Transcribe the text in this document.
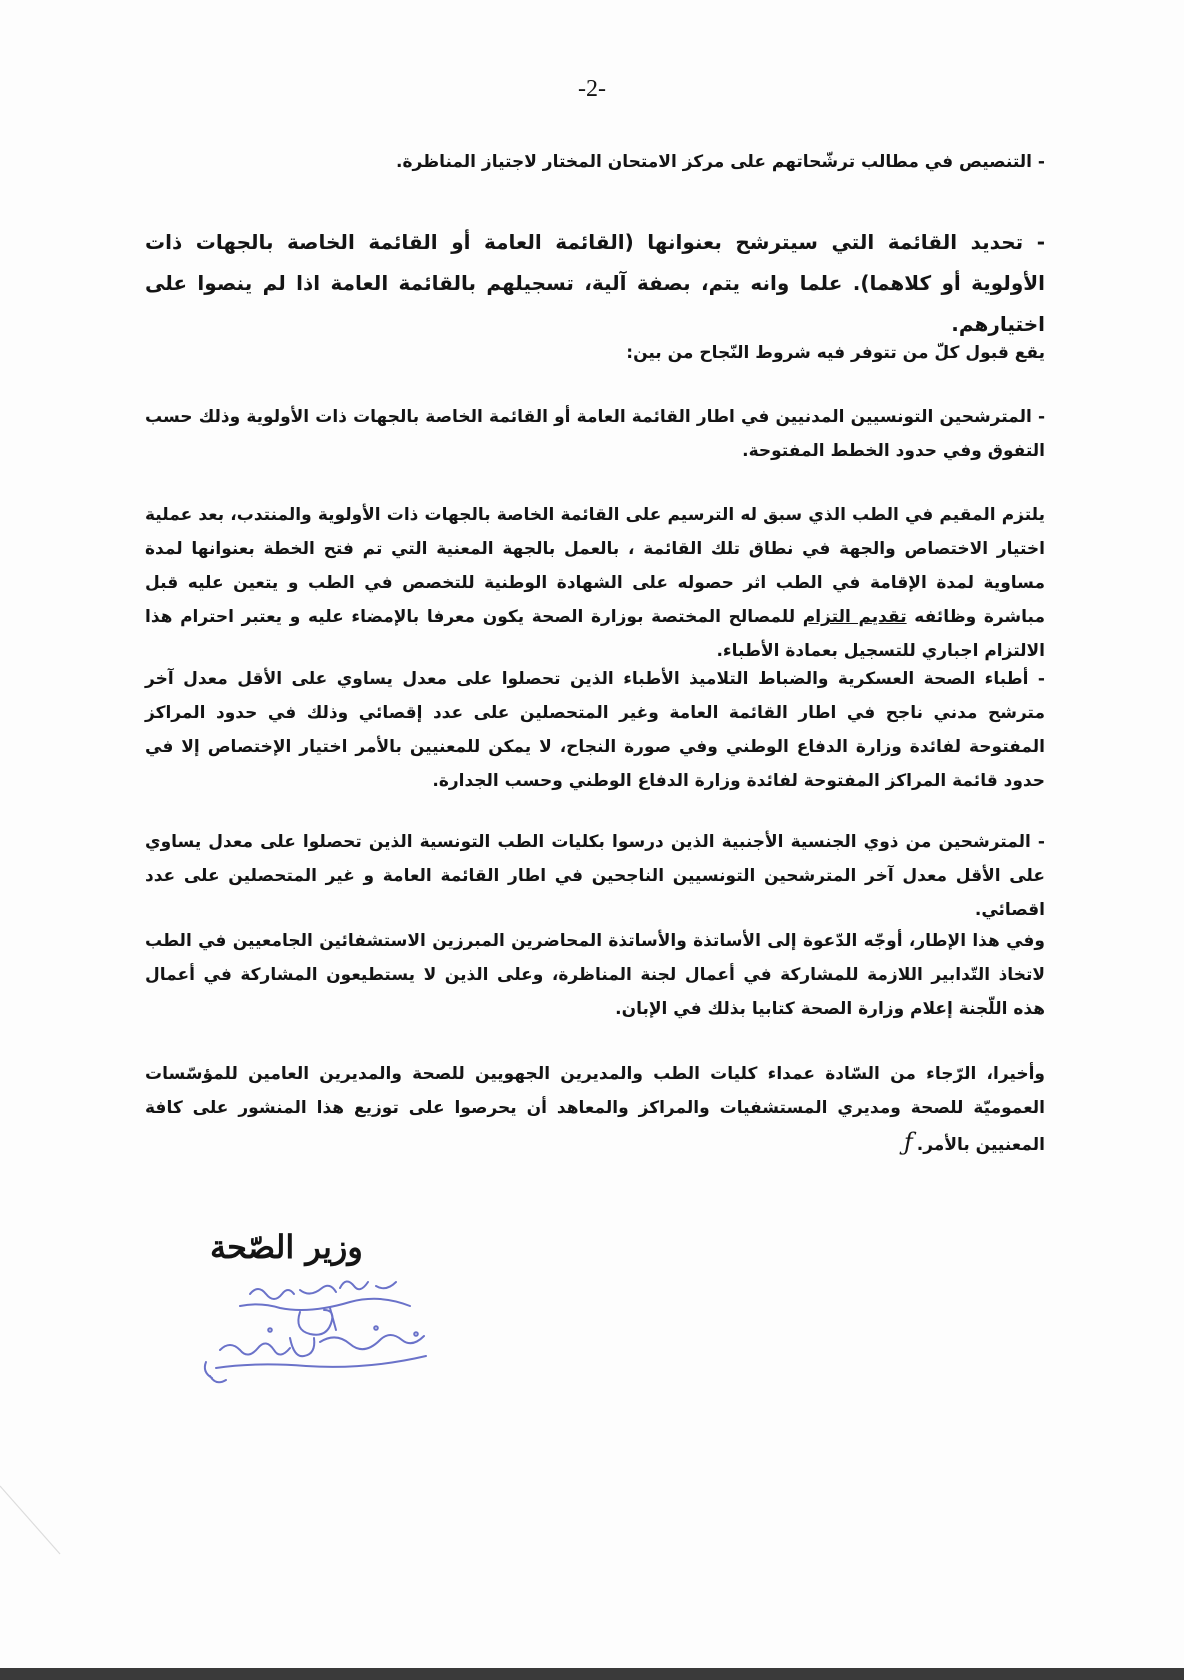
-2-
- التنصيص في مطالب ترشّحاتهم على مركز الامتحان المختار لاجتياز المناظرة.
- تحديد القائمة التي سيترشح بعنوانها (القائمة العامة أو القائمة الخاصة بالجهات ذات الأولوية أو كلاهما). علما وانه يتم، بصفة آلية، تسجيلهم بالقائمة العامة اذا لم ينصوا على اختيارهم.
يقع قبول كلّ من تتوفر فيه شروط النّجاح من بين:
- المترشحين التونسيين المدنيين في اطار القائمة العامة أو القائمة الخاصة بالجهات ذات الأولوية وذلك حسب التفوق وفي حدود الخطط المفتوحة.
يلتزم المقيم في الطب الذي سبق له الترسيم على القائمة الخاصة بالجهات ذات الأولوية والمنتدب، بعد عملية اختيار الاختصاص والجهة في نطاق تلك القائمة ، بالعمل بالجهة المعنية التي تم فتح الخطة بعنوانها لمدة مساوية لمدة الإقامة في الطب اثر حصوله على الشهادة الوطنية للتخصص في الطب و يتعين عليه قبل مباشرة وظائفه تقديم التزام للمصالح المختصة بوزارة الصحة يكون معرفا بالإمضاء عليه و يعتبر احترام هذا الالتزام اجباري للتسجيل بعمادة الأطباء.
- أطباء الصحة العسكرية والضباط التلاميذ الأطباء الذين تحصلوا على معدل يساوي على الأقل معدل آخر مترشح مدني ناجح في اطار القائمة العامة وغير المتحصلين على عدد إقصائي وذلك في حدود المراكز المفتوحة لفائدة وزارة الدفاع الوطني وفي صورة النجاح، لا يمكن للمعنيين بالأمر اختيار الإختصاص إلا في حدود قائمة المراكز المفتوحة لفائدة وزارة الدفاع الوطني وحسب الجدارة.
- المترشحين من ذوي الجنسية الأجنبية الذين درسوا بكليات الطب التونسية الذين تحصلوا على معدل يساوي على الأقل معدل آخر المترشحين التونسيين الناجحين في اطار القائمة العامة و غير المتحصلين على عدد اقصائي.
وفي هذا الإطار، أوجّه الدّعوة إلى الأساتذة والأساتذة المحاضرين المبرزين الاستشفائين الجامعيين في الطب لاتخاذ التّدابير اللازمة للمشاركة في أعمال لجنة المناظرة، وعلى الذين لا يستطيعون المشاركة في أعمال هذه اللّجنة إعلام وزارة الصحة كتابيا بذلك في الإبان.
وأخيرا، الرّجاء من السّادة عمداء كليات الطب والمديرين الجهويين للصحة والمديرين العامين للمؤسّسات العموميّة للصحة ومديري المستشفيات والمراكز والمعاهد أن يحرصوا على توزيع هذا المنشور على كافة المعنيين بالأمر.ƒ
وزير الصّحة
